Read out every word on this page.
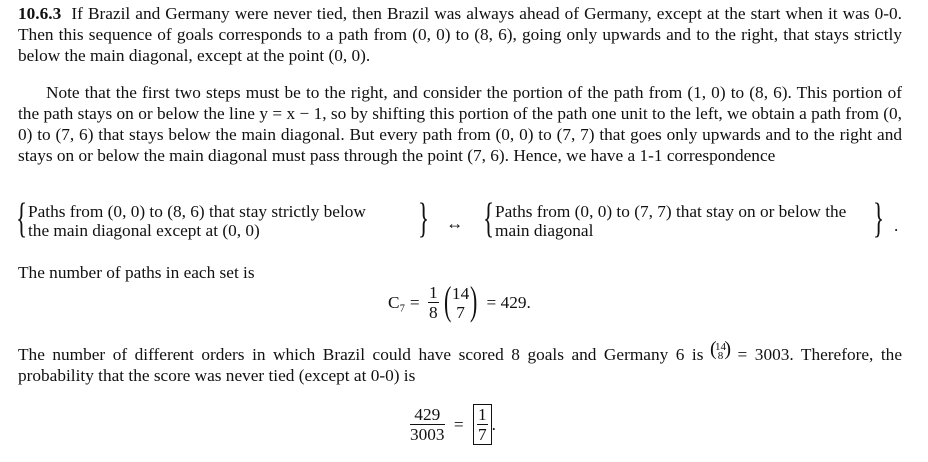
10.6.3 If Brazil and Germany were never tied, then Brazil was always ahead of Germany, except at the start when it was 0-0. Then this sequence of goals corresponds to a path from (0, 0) to (8, 6), going only upwards and to the right, that stays strictly below the main diagonal, except at the point (0, 0).
Note that the first two steps must be to the right, and consider the portion of the path from (1, 0) to (8, 6). This portion of the path stays on or below the line y = x − 1, so by shifting this portion of the path one unit to the left, we obtain a path from (0, 0) to (7, 6) that stays below the main diagonal. But every path from (0, 0) to (7, 7) that goes only upwards and to the right and stays on or below the main diagonal must pass through the point (7, 6). Hence, we have a 1-1 correspondence
{ Paths from (0, 0) to (8, 6) that stay strictly below
the main diagonal except at (0, 0)	} ↔ { Paths from (0, 0) to (7, 7) that stay on or below the
main diagonal	} .
The number of paths in each set is
$C_7 = \frac{1}{8}$
( 14
7 ) = 429.
The number of different orders in which Brazil could have scored 8 goals and Germany 6 is (
14
8 ) = 3003. Therefore, the probability that the score was never tied (except at 0-0) is
$\frac{429}{3003} = \frac{1}{7}$ .
